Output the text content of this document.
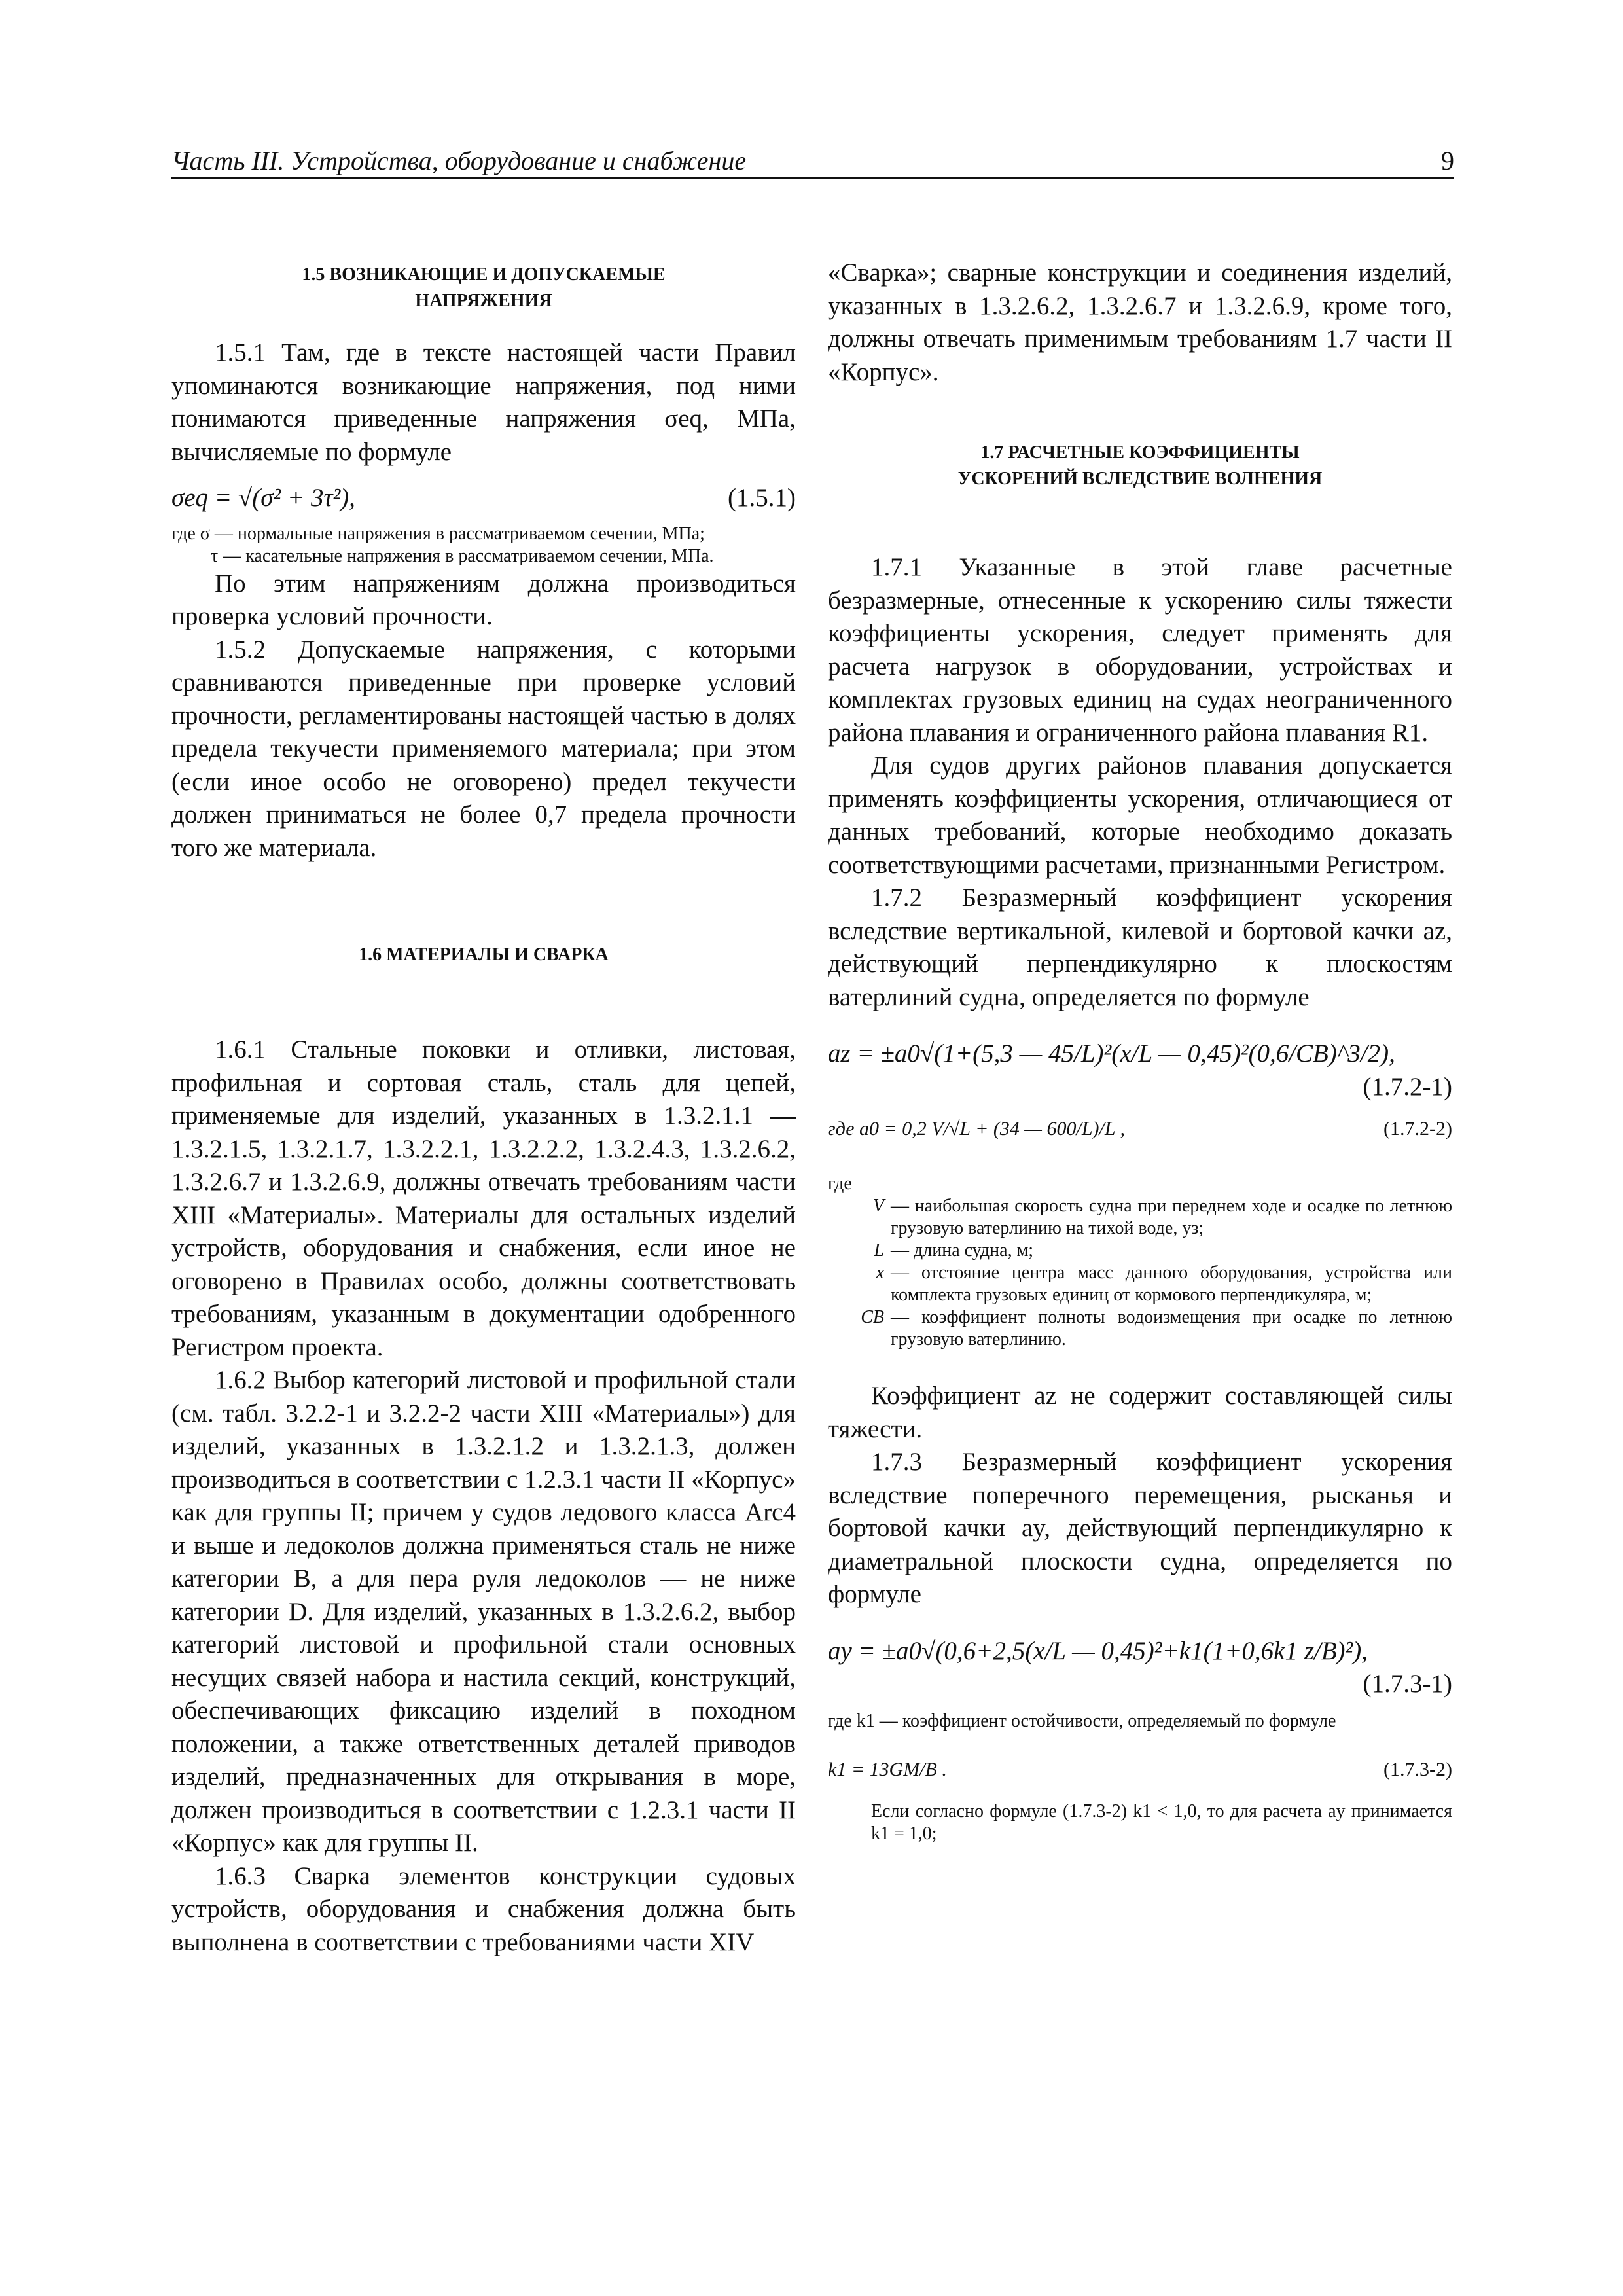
Часть III. Устройства, оборудование и снабжение	9

1.5 ВОЗНИКАЮЩИЕ И ДОПУСКАЕМЫЕ НАПРЯЖЕНИЯ

1.5.1 Там, где в тексте настоящей части Правил упоминаются возникающие напряжения, под ними понимаются приведенные напряжения σeq, МПа, вычисляемые по формуле

σeq = √(σ² + 3τ²),	(1.5.1)

где σ — нормальные напряжения в рассматриваемом сечении, МПа;

τ — касательные напряжения в рассматриваемом сечении, МПа.

По этим напряжениям должна производиться проверка условий прочности.

1.5.2 Допускаемые напряжения, с которыми сравниваются приведенные при проверке условий прочности, регламентированы настоящей частью в долях предела текучести применяемого материала; при этом (если иное особо не оговорено) предел текучести должен приниматься не более 0,7 предела прочности того же материала.

1.6 МАТЕРИАЛЫ И СВАРКА

1.6.1 Стальные поковки и отливки, листовая, профильная и сортовая сталь, сталь для цепей, применяемые для изделий, указанных в 1.3.2.1.1 — 1.3.2.1.5, 1.3.2.1.7, 1.3.2.2.1, 1.3.2.2.2, 1.3.2.4.3, 1.3.2.6.2, 1.3.2.6.7 и 1.3.2.6.9, должны отвечать требованиям части XIII «Материалы». Материалы для остальных изделий устройств, оборудования и снабжения, если иное не оговорено в Правилах особо, должны соответствовать требованиям, указанным в документации одобренного Регистром проекта.

1.6.2 Выбор категорий листовой и профильной стали (см. табл. 3.2.2-1 и 3.2.2-2 части XIII «Материалы») для изделий, указанных в 1.3.2.1.2 и 1.3.2.1.3, должен производиться в соответствии с 1.2.3.1 части II «Корпус» как для группы II; причем у судов ледового класса Arc4 и выше и ледоколов должна применяться сталь не ниже категории B, а для пера руля ледоколов — не ниже категории D. Для изделий, указанных в 1.3.2.6.2, выбор категорий листовой и профильной стали основных несущих связей набора и настила секций, конструкций, обеспечивающих фиксацию изделий в походном положении, а также ответственных деталей приводов изделий, предназначенных для открывания в море, должен производиться в соответствии с 1.2.3.1 части II «Корпус» как для группы II.

1.6.3 Сварка элементов конструкции судовых устройств, оборудования и снабжения должна быть выполнена в соответствии с требованиями части XIV

«Сварка»; сварные конструкции и соединения изделий, указанных в 1.3.2.6.2, 1.3.2.6.7 и 1.3.2.6.9, кроме того, должны отвечать применимым требованиям 1.7 части II «Корпус».

1.7 РАСЧЕТНЫЕ КОЭФФИЦИЕНТЫ УСКОРЕНИЙ ВСЛЕДСТВИЕ ВОЛНЕНИЯ

1.7.1 Указанные в этой главе расчетные безразмерные, отнесенные к ускорению силы тяжести коэффициенты ускорения, следует применять для расчета нагрузок в оборудовании, устройствах и комплектах грузовых единиц на судах неограниченного района плавания и ограниченного района плавания R1.

Для судов других районов плавания допускается применять коэффициенты ускорения, отличающиеся от данных требований, которые необходимо доказать соответствующими расчетами, признанными Регистром.

1.7.2 Безразмерный коэффициент ускорения вследствие вертикальной, килевой и бортовой качки az, действующий перпендикулярно к плоскостям ватерлиний судна, определяется по формуле

az = ±a0√(1+(5,3 — 45/L)²(x/L — 0,45)²(0,6/CB)^3/2),
(1.7.2-1)
где a0 = 0,2 V/√L + (34 — 600/L)/L ,	(1.7.2-2)
где
V — наибольшая скорость судна при переднем ходе и осадке по летнюю грузовую ватерлинию на тихой воде, уз;
L — длина судна, м;
x — отстояние центра масс данного оборудования, устройства или комплекта грузовых единиц от кормового перпендикуляра, м;
CB — коэффициент полноты водоизмещения при осадке по летнюю грузовую ватерлинию.

Коэффициент az не содержит составляющей силы тяжести.

1.7.3 Безразмерный коэффициент ускорения вследствие поперечного перемещения, рысканья и бортовой качки ay, действующий перпендикулярно к диаметральной плоскости судна, определяется по формуле

ay = ±a0√(0,6+2,5(x/L — 0,45)²+k1(1+0,6k1 z/B)²),
(1.7.3-1)

где k1 — коэффициент остойчивости, определяемый по формуле

k1 = 13GM/B .	(1.7.3-2)

Если согласно формуле (1.7.3-2) k1 < 1,0, то для расчета ay принимается k1 = 1,0;
